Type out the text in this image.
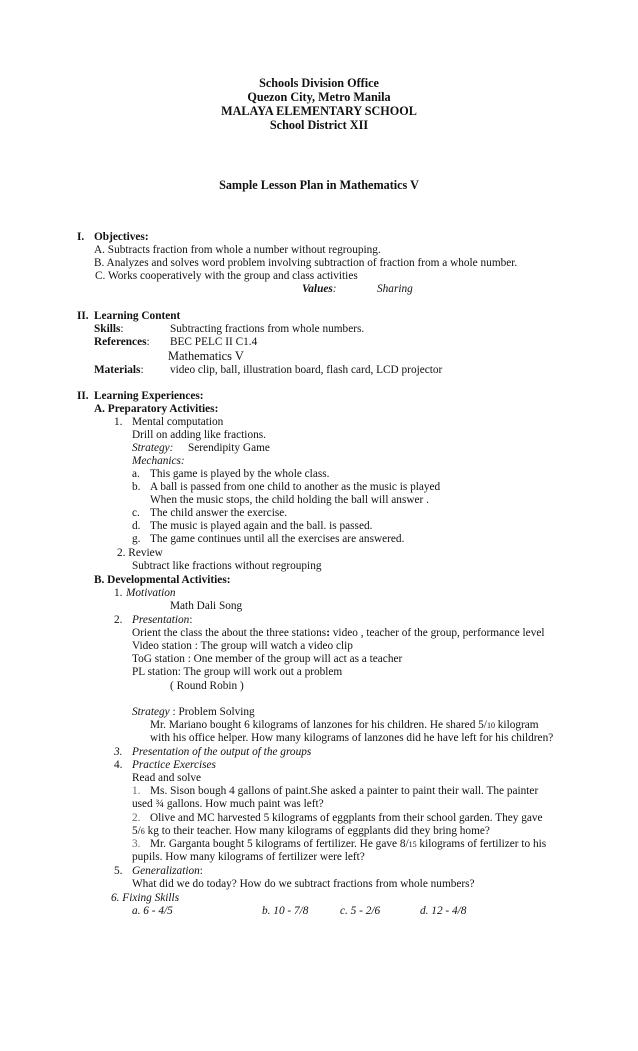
Schools Division Office
Quezon City, Metro Manila
MALAYA ELEMENTARY SCHOOL
School District XII
Sample Lesson Plan in Mathematics V
I. Objectives:
A. Subtracts fraction from whole a number without regrouping.
B. Analyzes and solves word problem involving subtraction of fraction from a whole number.
C. Works cooperatively with the group and class activities
Values:	Sharing
II. Learning Content
Skills:	Subtracting fractions from whole numbers.
References: BEC PELC II C1.4
Mathematics V
Materials: video clip, ball, illustration board, flash card, LCD projector
II. Learning Experiences:
A. Preparatory Activities:
1. Mental computation
Drill on adding like fractions.
Strategy: Serendipity Game
Mechanics:
a. This game is played by the whole class.
b. A ball is passed from one child to another as the music is played
When the music stops, the child holding the ball will answer .
c. The child answer the exercise.
d. The music is played again and the ball. is passed.
g. The game continues until all the exercises are answered.
2. Review
Subtract like fractions without regrouping
B. Developmental Activities:
1. Motivation
Math Dali Song
2. Presentation:
Orient the class the about the three stations: video , teacher of the group, performance level
Video station : The group will watch a video clip
ToG station : One member of the group will act as a teacher
PL station: The group will work out a problem
( Round Robin )
Strategy : Problem Solving
Mr. Mariano bought 6 kilograms of lanzones for his children. He shared 5/10 kilogram
with his office helper. How many kilograms of lanzones did he have left for his children?
3. Presentation of the output of the groups
4. Practice Exercises
Read and solve
1. Ms. Sison bough 4 gallons of paint.She asked a painter to paint their wall. The painter
used ¾ gallons. How much paint was left?
2. Olive and MC harvested 5 kilograms of eggplants from their school garden. They gave
5/6 kg to their teacher. How many kilograms of eggplants did they bring home?
3. Mr. Garganta bought 5 kilograms of fertilizer. He gave 8/15 kilograms of fertilizer to his
pupils. How many kilograms of fertilizer were left?
5. Generalization:
What did we do today? How do we subtract fractions from whole numbers?
6. Fixing Skills
a. 6 - 4/5	b. 10 - 7/8	c. 5 - 2/6	d. 12 - 4/8
